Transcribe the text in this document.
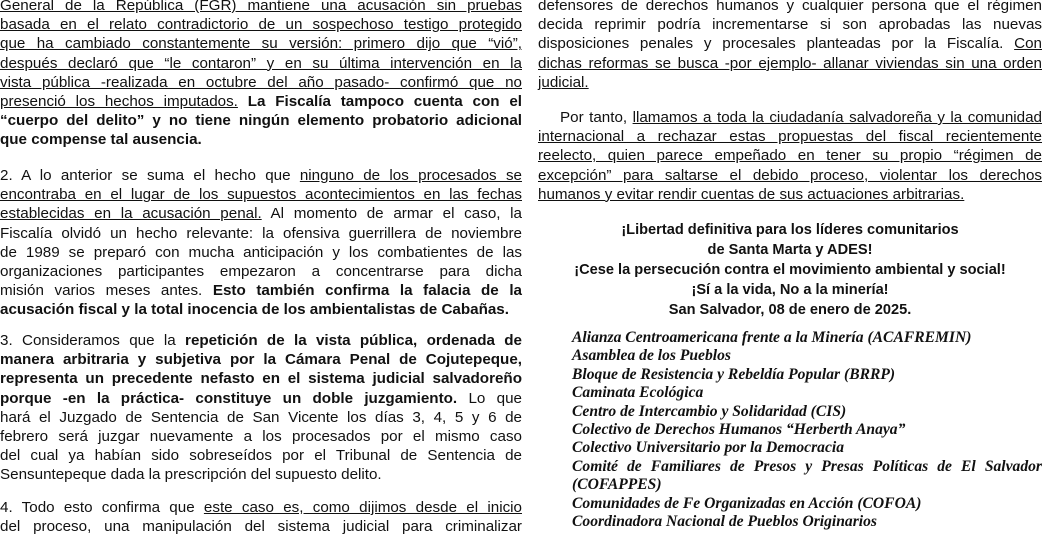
General de la República (FGR) mantiene una acusación sin pruebas
basada en el relato contradictorio de un sospechoso testigo protegido
que ha cambiado constantemente su versión: primero dijo que “vió”,
después declaró que “le contaron” y en su última intervención en la
vista pública -realizada en octubre del año pasado- confirmó que no
presenció los hechos imputados. La Fiscalía tampoco cuenta con el
“cuerpo del delito” y no tiene ningún elemento probatorio adicional
que compense tal ausencia.
2. A lo anterior se suma el hecho que ninguno de los procesados se
encontraba en el lugar de los supuestos acontecimientos en las fechas
establecidas en la acusación penal. Al momento de armar el caso, la
Fiscalía olvidó un hecho relevante: la ofensiva guerrillera de noviembre
de 1989 se preparó con mucha anticipación y los combatientes de las
organizaciones participantes empezaron a concentrarse para dicha
misión varios meses antes. Esto también confirma la falacia de la
acusación fiscal y la total inocencia de los ambientalistas de Cabañas.
3. Consideramos que la repetición de la vista pública, ordenada de
manera arbitraria y subjetiva por la Cámara Penal de Cojutepeque,
representa un precedente nefasto en el sistema judicial salvadoreño
porque -en la práctica- constituye un doble juzgamiento. Lo que
hará el Juzgado de Sentencia de San Vicente los días 3, 4, 5 y 6 de
febrero será juzgar nuevamente a los procesados por el mismo caso
del cual ya habían sido sobreseídos por el Tribunal de Sentencia de
Sensuntepeque dada la prescripción del supuesto delito.
4. Todo esto confirma que este caso es, como dijimos desde el inicio
del proceso, una manipulación del sistema judicial para criminalizar
defensores de derechos humanos y cualquier persona que el régimen
decida reprimir podría incrementarse si son aprobadas las nuevas
disposiciones penales y procesales planteadas por la Fiscalía. Con
dichas reformas se busca -por ejemplo- allanar viviendas sin una orden
judicial.
Por tanto, llamamos a toda la ciudadanía salvadoreña y la comunidad
internacional a rechazar estas propuestas del fiscal recientemente
reelecto, quien parece empeñado en tener su propio “régimen de
excepción” para saltarse el debido proceso, violentar los derechos
humanos y evitar rendir cuentas de sus actuaciones arbitrarias.
¡Libertad definitiva para los líderes comunitarios
de Santa Marta y ADES!
¡Cese la persecución contra el movimiento ambiental y social!
¡Sí a la vida, No a la minería!
San Salvador, 08 de enero de 2025.
Alianza Centroamericana frente a la Minería (ACAFREMIN)
Asamblea de los Pueblos
Bloque de Resistencia y Rebeldía Popular (BRRP)
Caminata Ecológica
Centro de Intercambio y Solidaridad (CIS)
Colectivo de Derechos Humanos “Herberth Anaya”
Colectivo Universitario por la Democracia
Comité de Familiares de Presos y Presas Políticas de El Salvador
(COFAPPES)
Comunidades de Fe Organizadas en Acción (COFOA)
Coordinadora Nacional de Pueblos Originarios
